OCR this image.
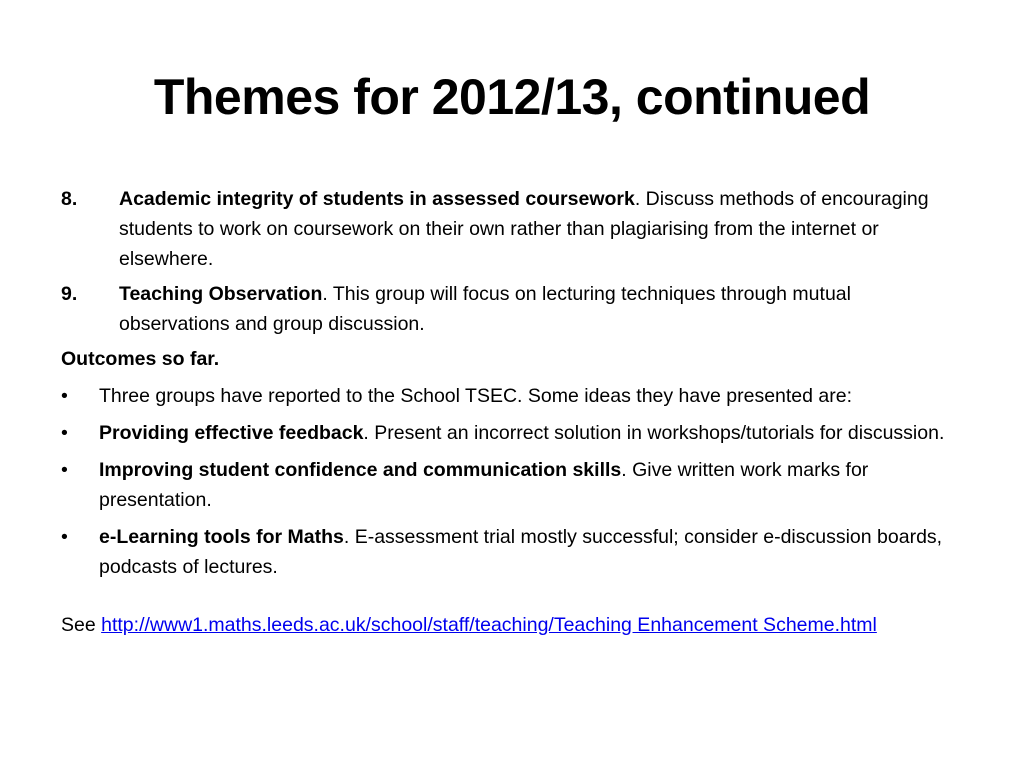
Themes for 2012/13, continued
8. Academic integrity of students in assessed coursework. Discuss methods of encouraging students to work on coursework on their own rather than plagiarising from the internet or elsewhere.
9. Teaching Observation. This group will focus on lecturing techniques through mutual observations and group discussion.
Outcomes so far.
• Three groups have reported to the School TSEC. Some ideas they have presented are:
• Providing effective feedback. Present an incorrect solution in workshops/tutorials for discussion.
• Improving student confidence and communication skills. Give written work marks for presentation.
• e-Learning tools for Maths. E-assessment trial mostly successful; consider e-discussion boards, podcasts of lectures.
See http://www1.maths.leeds.ac.uk/school/staff/teaching/Teaching Enhancement Scheme.html
